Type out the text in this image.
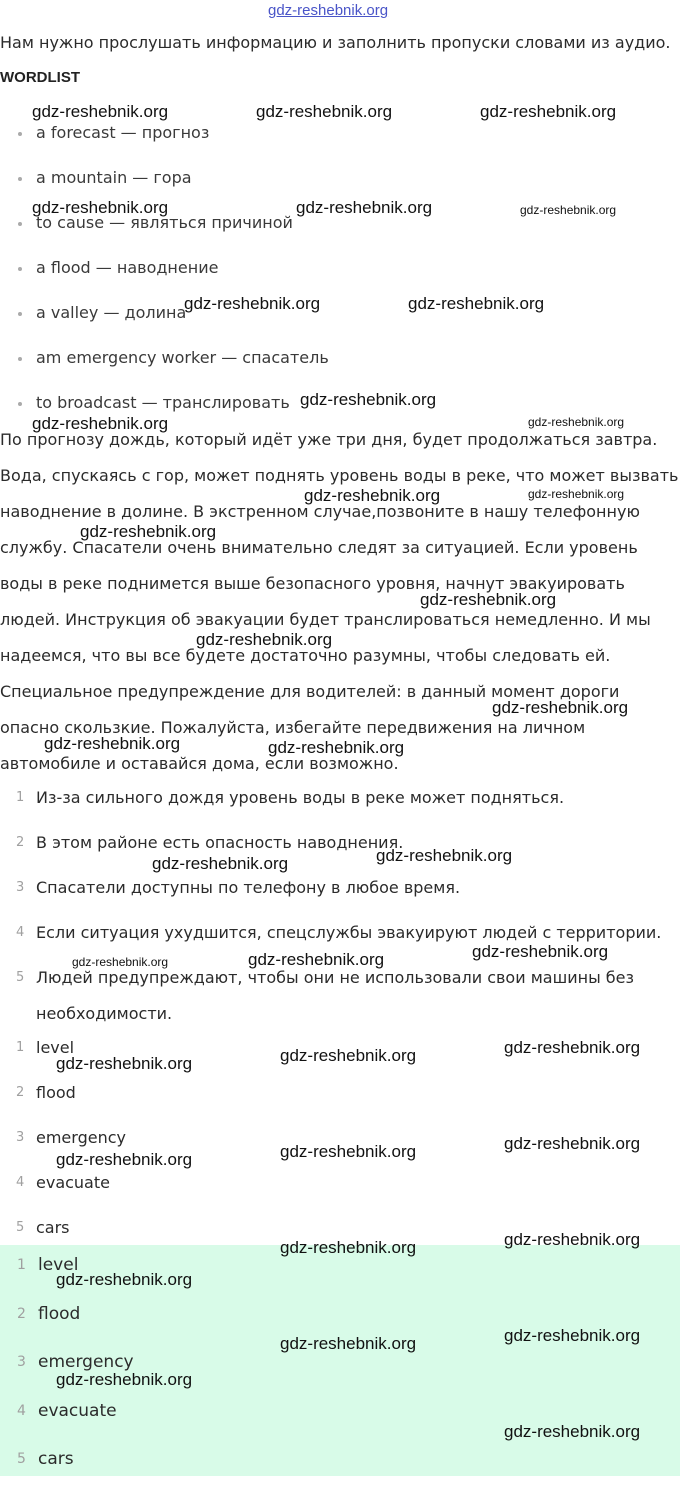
gdz-reshebnik.org
Нам нужно прослушать информацию и заполнить пропуски словами из аудио.
WORDLIST
a forecast — прогноз
a mountain — гора
to cause — являться причиной
a flood — наводнение
a valley — долина
am emergency worker — спасатель
to broadcast — транслировать

По прогнозу дождь, который идёт уже три дня, будет продолжаться завтра. Вода, спускаясь с гор, может поднять уровень воды в реке, что может вызвать наводнение в долине. В экстренном случае,позвоните в нашу телефонную службу. Спасатели очень внимательно следят за ситуацией. Если уровень воды в реке поднимется выше безопасного уровня, начнут эвакуировать людей. Инструкция об эвакуации будет транслироваться немедленно. И мы надеемся, что вы все будете достаточно разумны, чтобы следовать ей.

Специальное предупреждение для водителей: в данный момент дороги опасно скользкие. Пожалуйста, избегайте передвижения на личном автомобиле и оставайся дома, если возможно.

1 Из-за сильного дождя уровень воды в реке может подняться.
2 В этом районе есть опасность наводнения.
3 Спасатели доступны по телефону в любое время.
4 Если ситуация ухудшится, спецслужбы эвакуируют людей с территории.
5 Людей предупреждают, чтобы они не использовали свои машины без необходимости.
1 level
2 flood
3 emergency
4 evacuate
5 cars
1 level
2 flood
3 emergency
4 evacuate
5 cars
gdz-reshebnik.org	gdz-reshebnik.org	gdz-reshebnik.org
gdz-reshebnik.org	gdz-reshebnik.org	gdz-reshebnik.org
gdz-reshebnik.org	gdz-reshebnik.org
gdz-reshebnik.org
gdz-reshebnik.org	gdz-reshebnik.org
gdz-reshebnik.org	gdz-reshebnik.org
gdz-reshebnik.org
gdz-reshebnik.org
gdz-reshebnik.org
gdz-reshebnik.org
gdz-reshebnik.org	gdz-reshebnik.org
gdz-reshebnik.org
gdz-reshebnik.org
gdz-reshebnik.org
gdz-reshebnik.org
gdz-reshebnik.org
gdz-reshebnik.org
gdz-reshebnik.org
gdz-reshebnik.org
gdz-reshebnik.org
gdz-reshebnik.org
gdz-reshebnik.org
gdz-reshebnik.org
gdz-reshebnik.org
gdz-reshebnik.org
gdz-reshebnik.org
gdz-reshebnik.org
gdz-reshebnik.org
gdz-reshebnik.org
